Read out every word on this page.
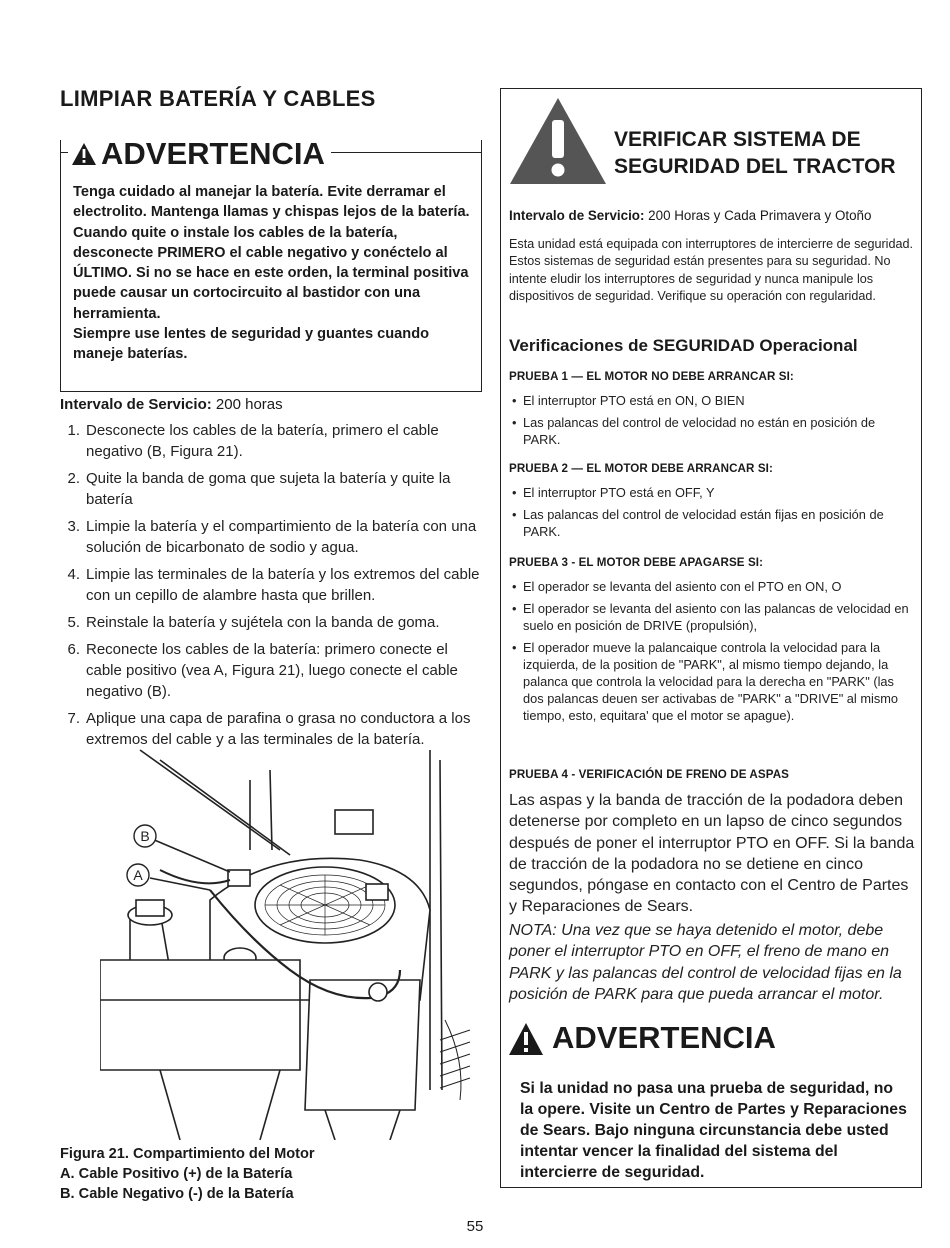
LIMPIAR BATERÍA Y CABLES
ADVERTENCIA

Tenga cuidado al manejar la batería. Evite derramar el electrolito. Mantenga llamas y chispas lejos de la batería. Cuando quite o instale los cables de la batería, desconecte PRIMERO el cable negativo y conéctelo al ÚLTIMO. Si no se hace en este orden, la terminal positiva puede causar un cortocircuito al bastidor con una herramienta.

Siempre use lentes de seguridad y guantes cuando maneje baterías.

Intervalo de Servicio: 200 horas
1. Desconecte los cables de la batería, primero el cable negativo (B, Figura 21).
2. Quite la banda de goma que sujeta la batería y quite la batería
3. Limpie la batería y el compartimiento de la batería con una solución de bicarbonato de sodio y agua.
4. Limpie las terminales de la batería y los extremos del cable con un cepillo de alambre hasta que brillen.
5. Reinstale la batería y sujétela con la banda de goma.
6. Reconecte los cables de la batería: primero conecte el cable positivo (vea A, Figura 21), luego conecte el cable negativo (B).
7. Aplique una capa de parafina o grasa no conductora a los extremos del cable y a las terminales de la batería.
B
A
Figura 21. Compartimiento del Motor
A. Cable Positivo (+) de la Batería
B. Cable Negativo (-) de la Batería
VERIFICAR SISTEMA DE
SEGURIDAD DEL TRACTOR
Intervalo de Servicio: 200 Horas y Cada Primavera y Otoño
Esta unidad está equipada con interruptores de intercierre de seguridad. Estos sistemas de seguridad están presentes para su seguridad. No intente eludir los interruptores de seguridad y nunca manipule los dispositivos de seguridad. Verifique su operación con regularidad.
Verificaciones de SEGURIDAD Operacional
PRUEBA 1 — EL MOTOR NO DEBE ARRANCAR SI:
• El interruptor PTO está en ON, O BIEN
• Las palancas del control de velocidad no están en posición de PARK.
PRUEBA 2 — EL MOTOR DEBE ARRANCAR SI:
• El interruptor PTO está en OFF, Y
• Las palancas del control de velocidad están fijas en posición de PARK.
PRUEBA 3 - EL MOTOR DEBE APAGARSE SI:
• El operador se levanta del asiento con el PTO en ON, O
• El operador se levanta del asiento con las palancas de velocidad en suelo en posición de DRIVE (propulsión),
• El operador mueve la palancaique controla la velocidad para la izquierda, de la position de "PARK", al mismo tiempo dejando, la palanca que controla la velocidad para la derecha en "PARK" (las dos palancas deuen ser activabas de "PARK" a "DRIVE" al mismo tiempo, esto, equitara' que el motor se apague).
PRUEBA 4 - VERIFICACIÓN DE FRENO DE ASPAS
Las aspas y la banda de tracción de la podadora deben detenerse por completo en un lapso de cinco segundos después de poner el interruptor PTO en OFF. Si la banda de tracción de la podadora no se detiene en cinco segundos, póngase en contacto con el Centro de Partes y Reparaciones de Sears.
NOTA: Una vez que se haya detenido el motor, debe poner el interruptor PTO en OFF, el freno de mano en PARK y las palancas del control de velocidad fijas en la posición de PARK para que pueda arrancar el motor.
ADVERTENCIA
Si la unidad no pasa una prueba de seguridad, no la opere. Visite un Centro de Partes y Reparaciones de Sears. Bajo ninguna circunstancia debe usted intentar vencer la finalidad del sistema del intercierre de seguridad.
55
